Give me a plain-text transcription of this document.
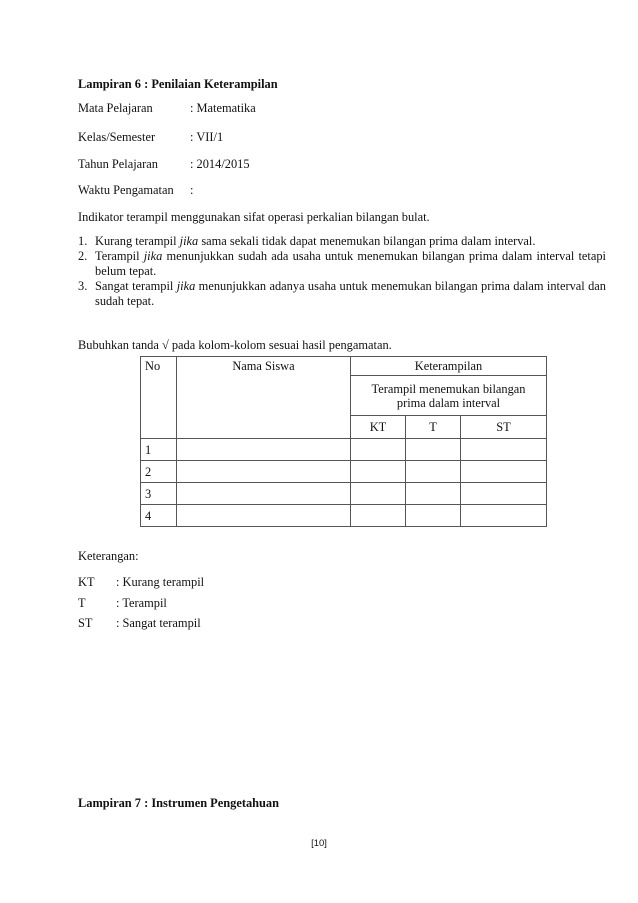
Lampiran 6 : Penilaian Keterampilan
Mata Pelajaran	: Matematika
Kelas/Semester	: VII/1
Tahun Pelajaran	: 2014/2015
Waktu Pengamatan :
Indikator terampil menggunakan sifat operasi perkalian bilangan bulat.
1. Kurang terampil jika sama sekali tidak dapat menemukan bilangan prima dalam interval.
2. Terampil jika menunjukkan sudah ada usaha untuk menemukan bilangan prima dalam interval tetapi belum tepat.
3. Sangat terampil jika menunjukkan adanya usaha untuk menemukan bilangan prima dalam interval dan sudah tepat.
Bubuhkan tanda √ pada kolom-kolom sesuai hasil pengamatan.
No	Nama Siswa	Keterampilan		
		Terampil menemukan bilangan prima dalam interval		
		KT	T	ST
1				
2				
3				
4				
Keterangan:
KT : Kurang terampil
T : Terampil
ST : Sangat terampil
Lampiran 7 : Instrumen Pengetahuan
[10]
